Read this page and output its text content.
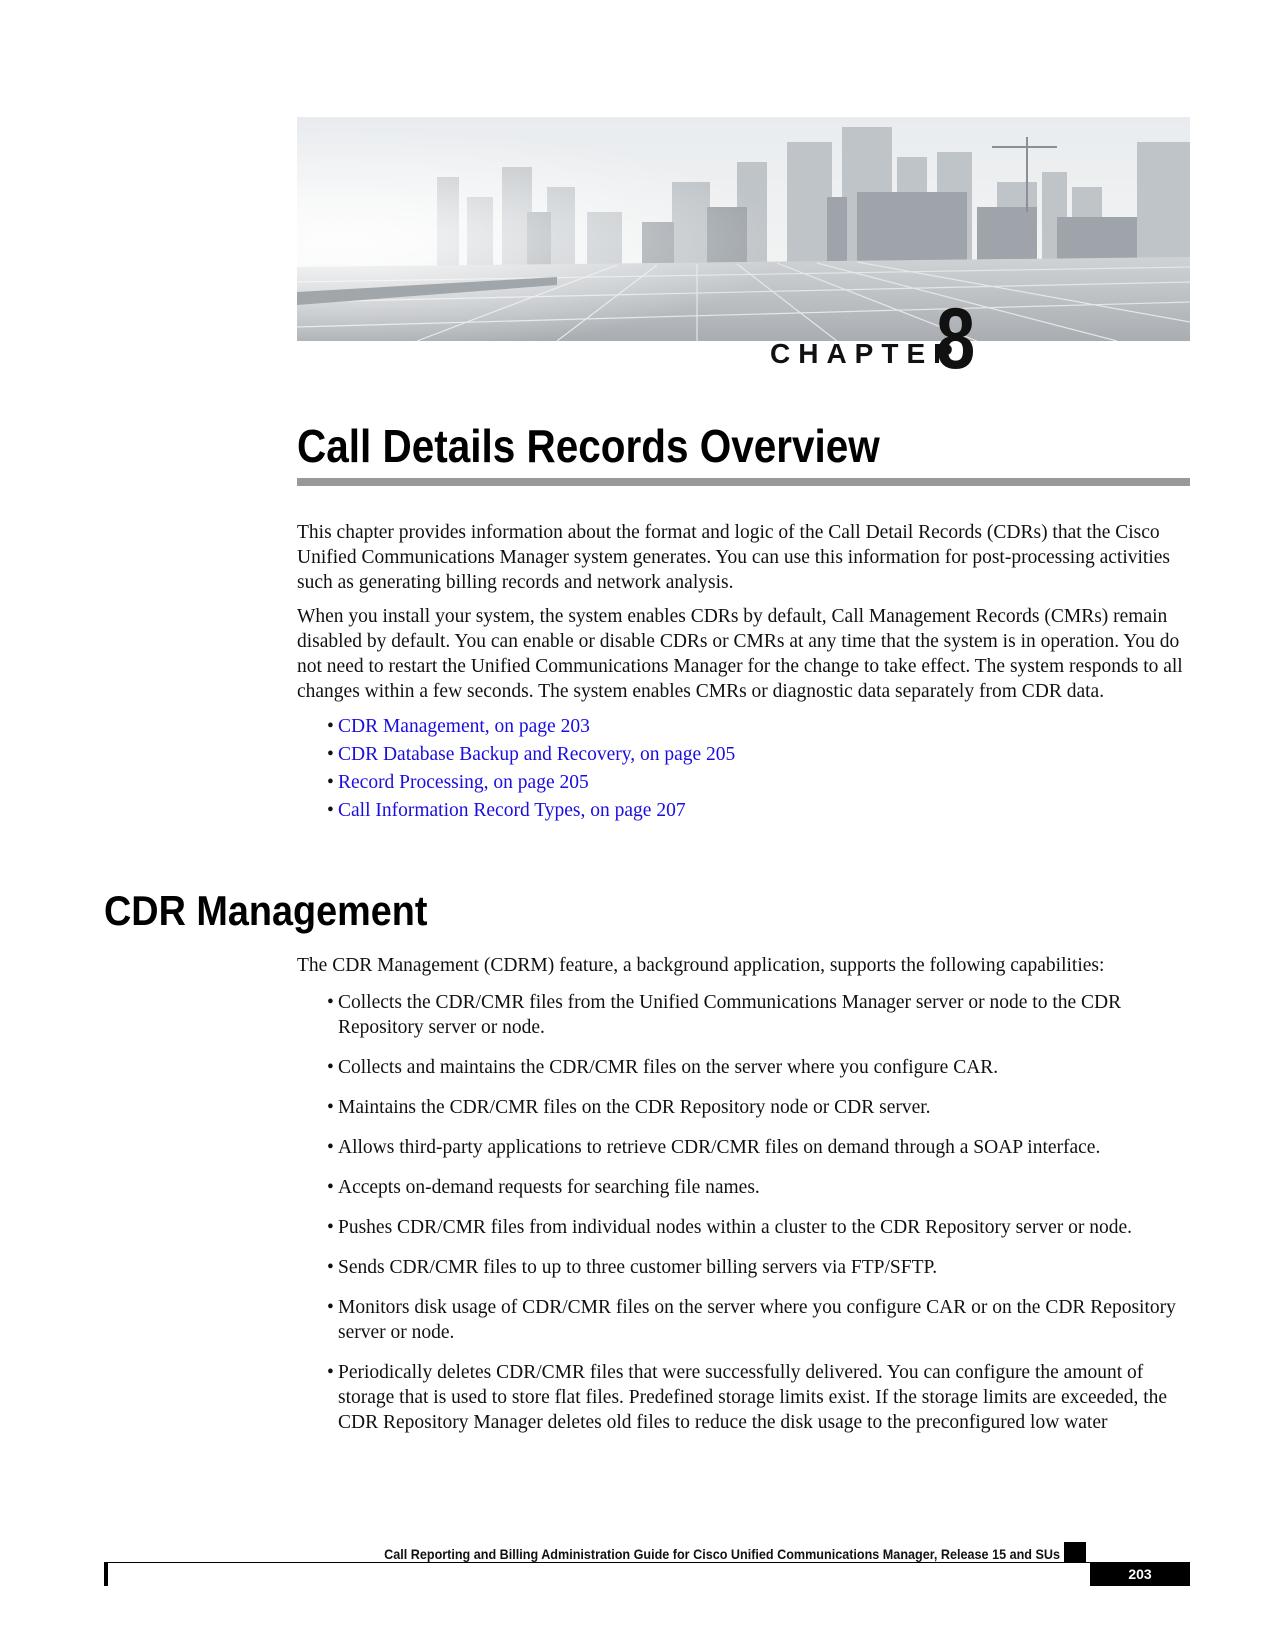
CHAPTER
8
Call Details Records Overview

This chapter provides information about the format and logic of the Call Detail Records (CDRs) that the Cisco Unified Communications Manager system generates. You can use this information for post-processing activities such as generating billing records and network analysis.

When you install your system, the system enables CDRs by default, Call Management Records (CMRs) remain disabled by default. You can enable or disable CDRs or CMRs at any time that the system is in operation. You do not need to restart the Unified Communications Manager for the change to take effect. The system responds to all changes within a few seconds. The system enables CMRs or diagnostic data separately from CDR data.

• CDR Management, on page 203
• CDR Database Backup and Recovery, on page 205
• Record Processing, on page 205
• Call Information Record Types, on page 207
CDR Management

The CDR Management (CDRM) feature, a background application, supports the following capabilities:

• Collects the CDR/CMR files from the Unified Communications Manager server or node to the CDR Repository server or node.
• Collects and maintains the CDR/CMR files on the server where you configure CAR.
• Maintains the CDR/CMR files on the CDR Repository node or CDR server.
• Allows third-party applications to retrieve CDR/CMR files on demand through a SOAP interface.
• Accepts on-demand requests for searching file names.
• Pushes CDR/CMR files from individual nodes within a cluster to the CDR Repository server or node.
• Sends CDR/CMR files to up to three customer billing servers via FTP/SFTP.
• Monitors disk usage of CDR/CMR files on the server where you configure CAR or on the CDR Repository server or node.
• Periodically deletes CDR/CMR files that were successfully delivered. You can configure the amount of storage that is used to store flat files. Predefined storage limits exist. If the storage limits are exceeded, the CDR Repository Manager deletes old files to reduce the disk usage to the preconfigured low water
Call Reporting and Billing Administration Guide for Cisco Unified Communications Manager, Release 15 and SUs
203
